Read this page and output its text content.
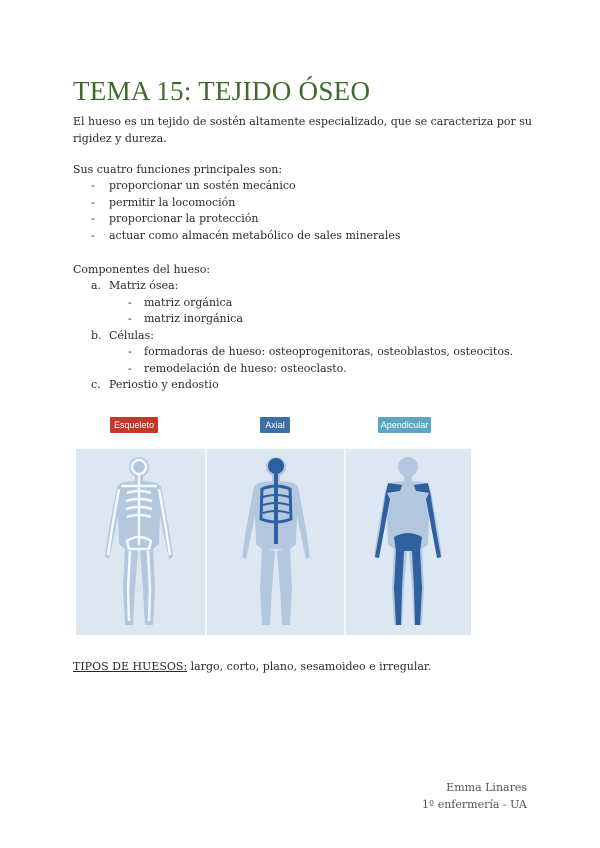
TEMA 15: TEJIDO ÓSEO
El hueso es un tejido de sostén altamente especializado, que se caracteriza por su
rigidez y dureza.
Sus cuatro funciones principales son:
- proporcionar un sostén mecánico
- permitir la locomoción
- proporcionar la protección
- actuar como almacén metabólico de sales minerales
Componentes del hueso:
a. Matriz ósea:
- matriz orgánica
- matriz inorgánica
b. Células:
- formadoras de hueso: osteoprogenitoras, osteoblastos, osteocitos.
- remodelación de hueso: osteoclasto.
c. Periostio y endostio
Esqueleto	Axial	Apendicular
TIPOS DE HUESOS: largo, corto, plano, sesamoideo e irregular.
Emma Linares
1º enfermería - UA
